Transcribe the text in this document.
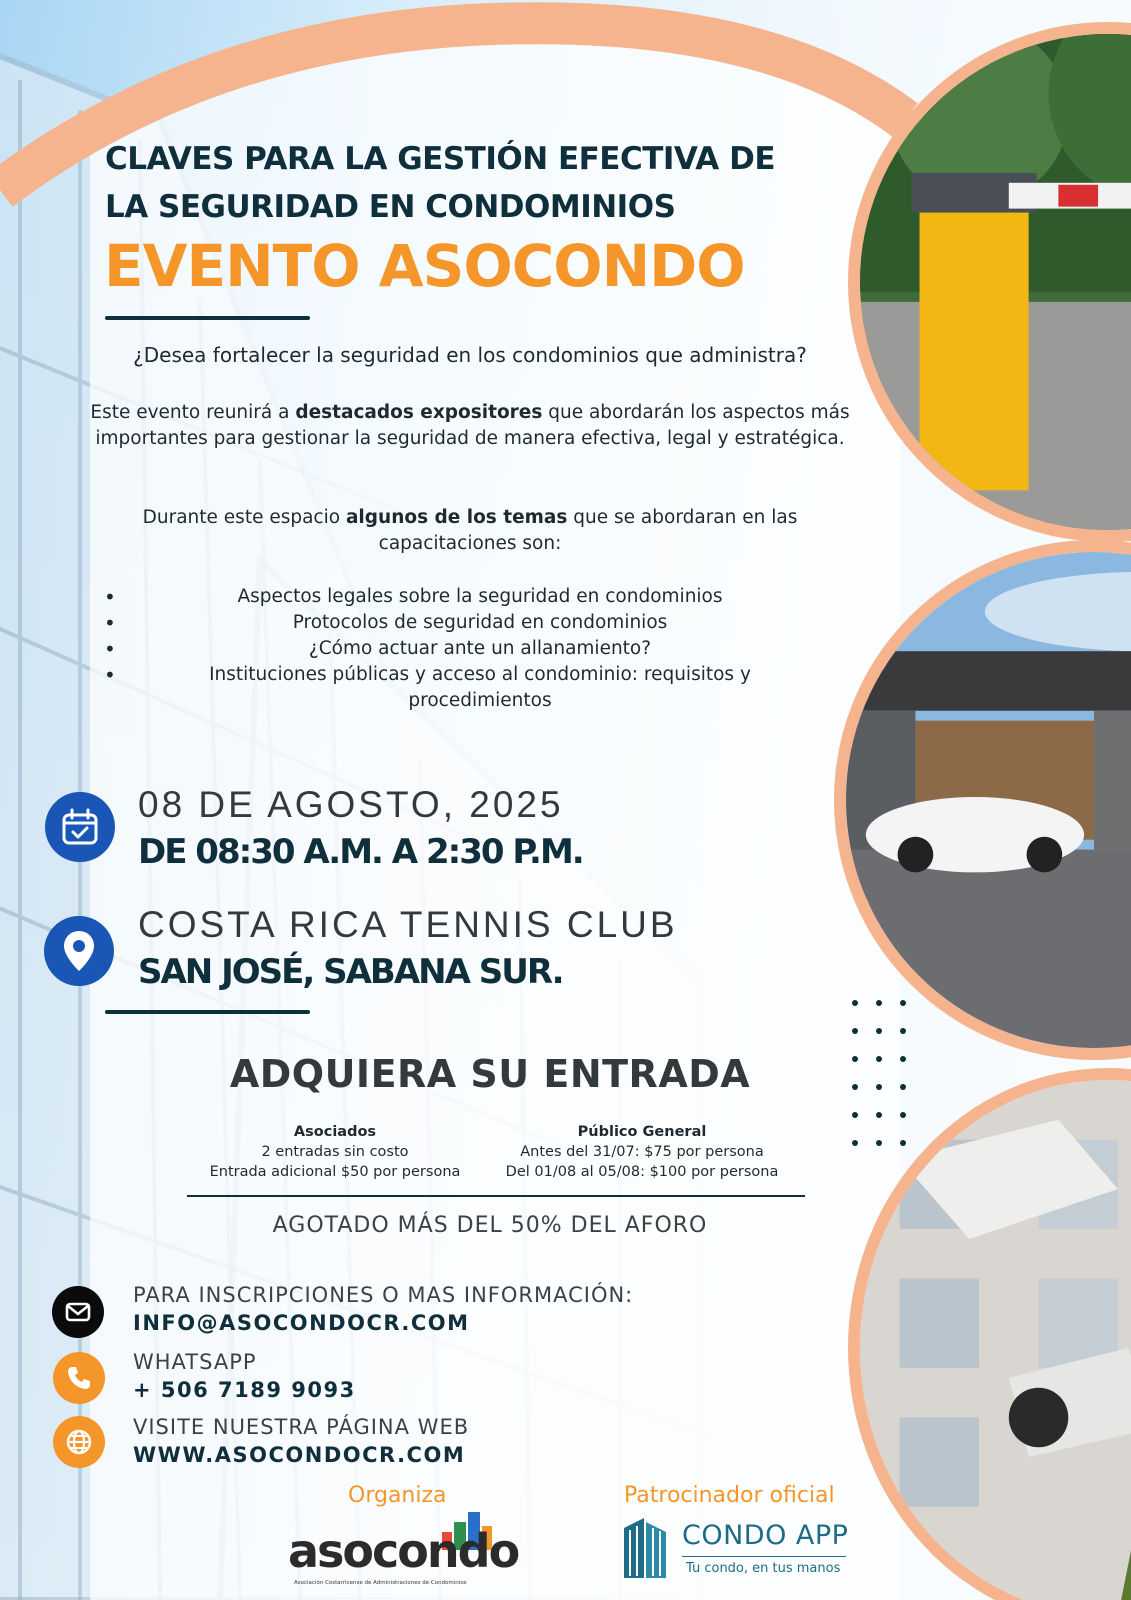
CLAVES PARA LA GESTIÓN EFECTIVA DE
LA SEGURIDAD EN CONDOMINIOS
EVENTO ASOCONDO
¿Desea fortalecer la seguridad en los condominios que administra?
Este evento reunirá a destacados expositores que abordarán los aspectos más importantes para gestionar la seguridad de manera efectiva, legal y estratégica.
Durante este espacio algunos de los temas que se abordaran en las capacitaciones son:
• Aspectos legales sobre la seguridad en condominios
• Protocolos de seguridad en condominios
• ¿Cómo actuar ante un allanamiento?
• Instituciones públicas y acceso al condominio: requisitos y procedimientos
08 DE AGOSTO, 2025
DE 08:30 A.M. A 2:30 P.M.
COSTA RICA TENNIS CLUB
SAN JOSÉ, SABANA SUR.
ADQUIERA SU ENTRADA
Asociados
2 entradas sin costo
Entrada adicional $50 por persona
Público General
Antes del 31/07: $75 por persona
Del 01/08 al 05/08: $100 por persona
AGOTADO MÁS DEL 50% DEL AFORO
PARA INSCRIPCIONES O MAS INFORMACIÓN:
INFO@ASOCONDOCR.COM
WHATSAPP
+ 506 7189 9093
VISITE NUESTRA PÁGINA WEB
WWW.ASOCONDOCR.COM
Organiza	Patrocinador oficial
asocondo
Asociación Costarricense de Administraciones de Condominios
CONDO APP
Tu condo, en tus manos
